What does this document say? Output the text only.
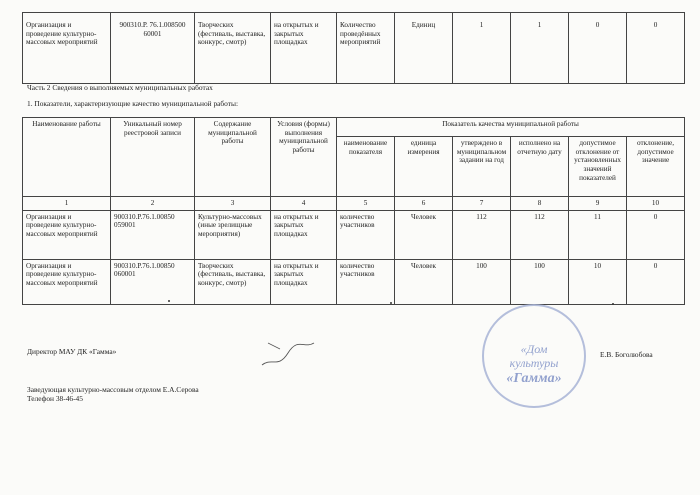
Организация и проведение культурно-массовых мероприятий	900310.Р. 76.1.008500 60001	Творческих (фестиваль, выставка, конкурс, смотр)	на открытых и закрытых площадках	Количество проведённых мероприятий	Единиц	1	1	0	0
Часть 2 Сведения о выполняемых муниципальных работах
1. Показатели, характеризующие качество муниципальной работы:
Наименование работы	Уникальный номер реестровой записи	Содержание муниципальной работы	Условия (формы) выполнения муниципальной работы	Показатель качества муниципальной работы					
				наименование показателя	единица измерения	утверждено в муниципальном задании на год	исполнено на отчетную дату	допустимое отклонение от установленных значений показателей	отклонение, допустимое значение
1	2	3	4	5	6	7	8	9	10
Организация и проведение культурно-массовых мероприятий	900310.Р.76.1.00850 059001	Культурно-массовых (иные зрелищные мероприятия)	на открытых и закрытых площадках	количество участников	Человек	112	112	11	0
Организация и проведение культурно-массовых мероприятий	900310.Р.76.1.00850 060001	Творческих (фестиваль, выставка, конкурс, смотр)	на открытых и закрытых площадках	количество участников	Человек	100	100	10	0
Директор МАУ ДК «Гамма»	«Дом
культуры
«Гамма»
Е.В. Боголюбова
Заведующая культурно-массовым отделом Е.А.Серова
Телефон 38-46-45
